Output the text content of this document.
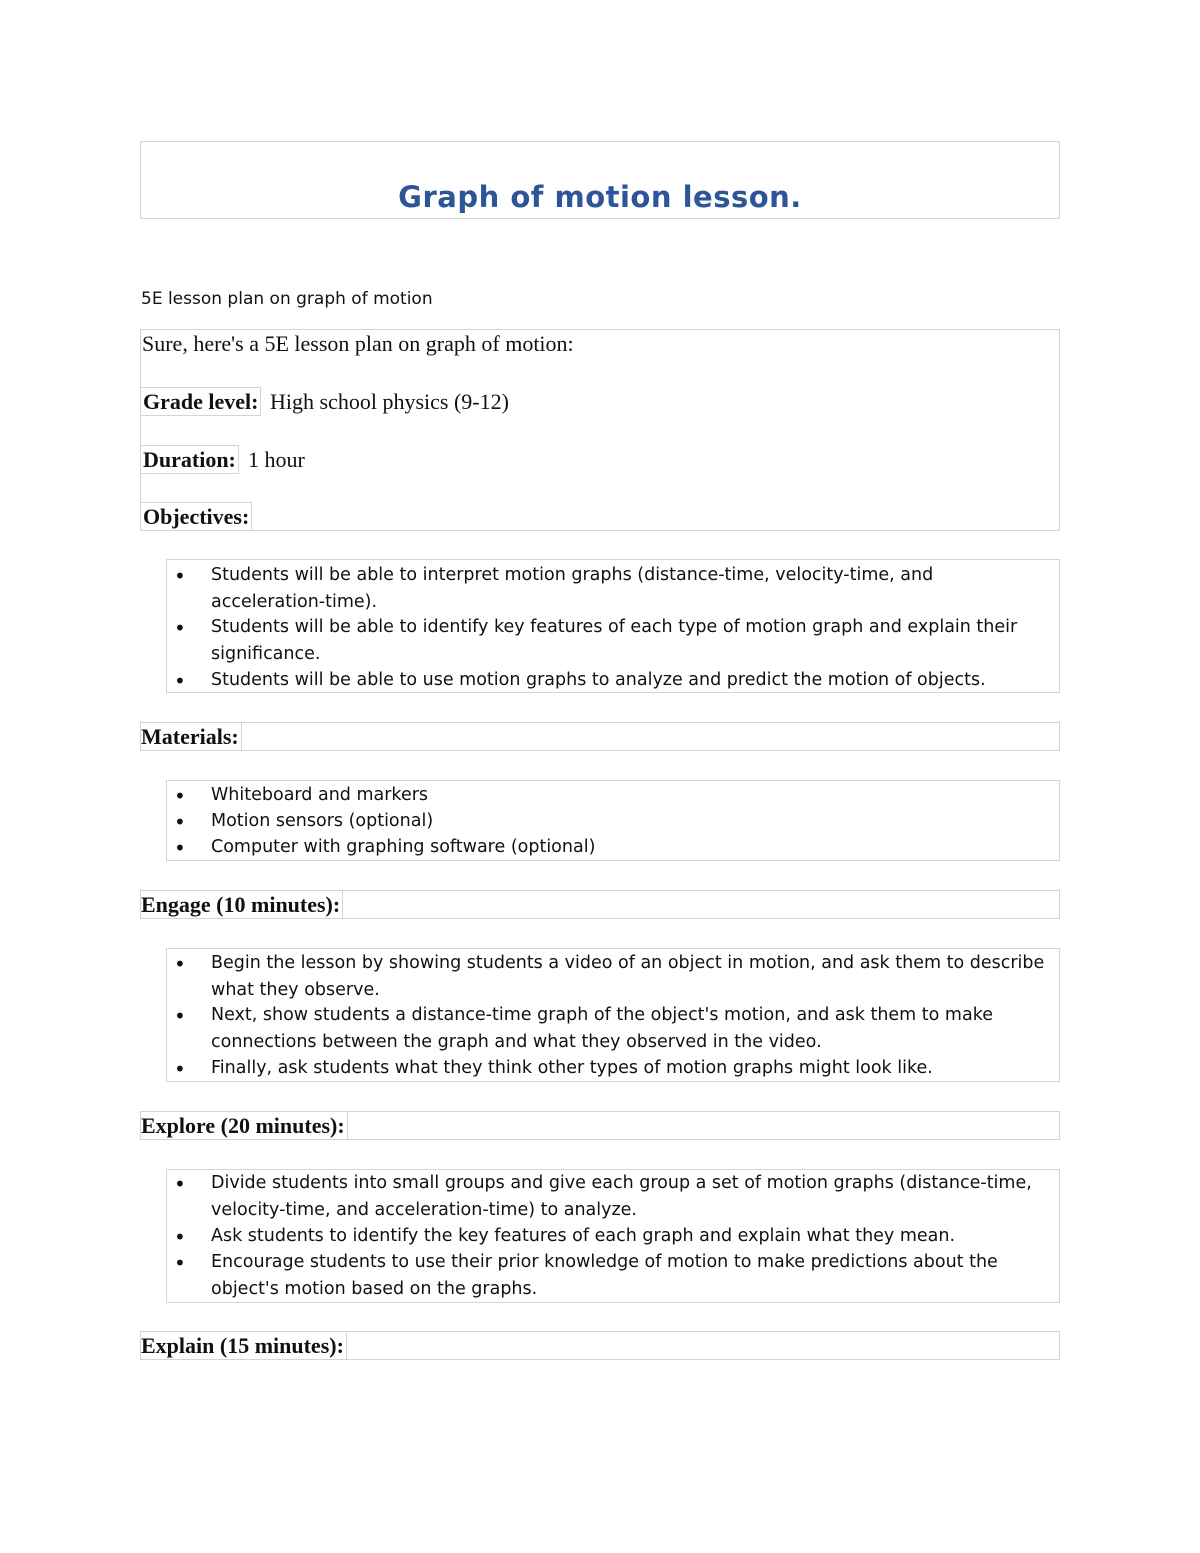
Graph of motion lesson.
5E lesson plan on graph of motion
Sure, here's a 5E lesson plan on graph of motion:
Grade level: High school physics (9-12)
Duration: 1 hour
Objectives:
Students will be able to interpret motion graphs (distance-time, velocity-time, and acceleration-time).
Students will be able to identify key features of each type of motion graph and explain their significance.
Students will be able to use motion graphs to analyze and predict the motion of objects.
•
•
•
Materials:
Whiteboard and markers
Motion sensors (optional)
Computer with graphing software (optional)
•
•
•
Engage (10 minutes):
Begin the lesson by showing students a video of an object in motion, and ask them to describe what they observe.
Next, show students a distance-time graph of the object's motion, and ask them to make connections between the graph and what they observed in the video.
Finally, ask students what they think other types of motion graphs might look like.
•
•
•
Explore (20 minutes):
Divide students into small groups and give each group a set of motion graphs (distance-time, velocity-time, and acceleration-time) to analyze.
Ask students to identify the key features of each graph and explain what they mean.
Encourage students to use their prior knowledge of motion to make predictions about the object's motion based on the graphs.
•
•
•
Explain (15 minutes):
